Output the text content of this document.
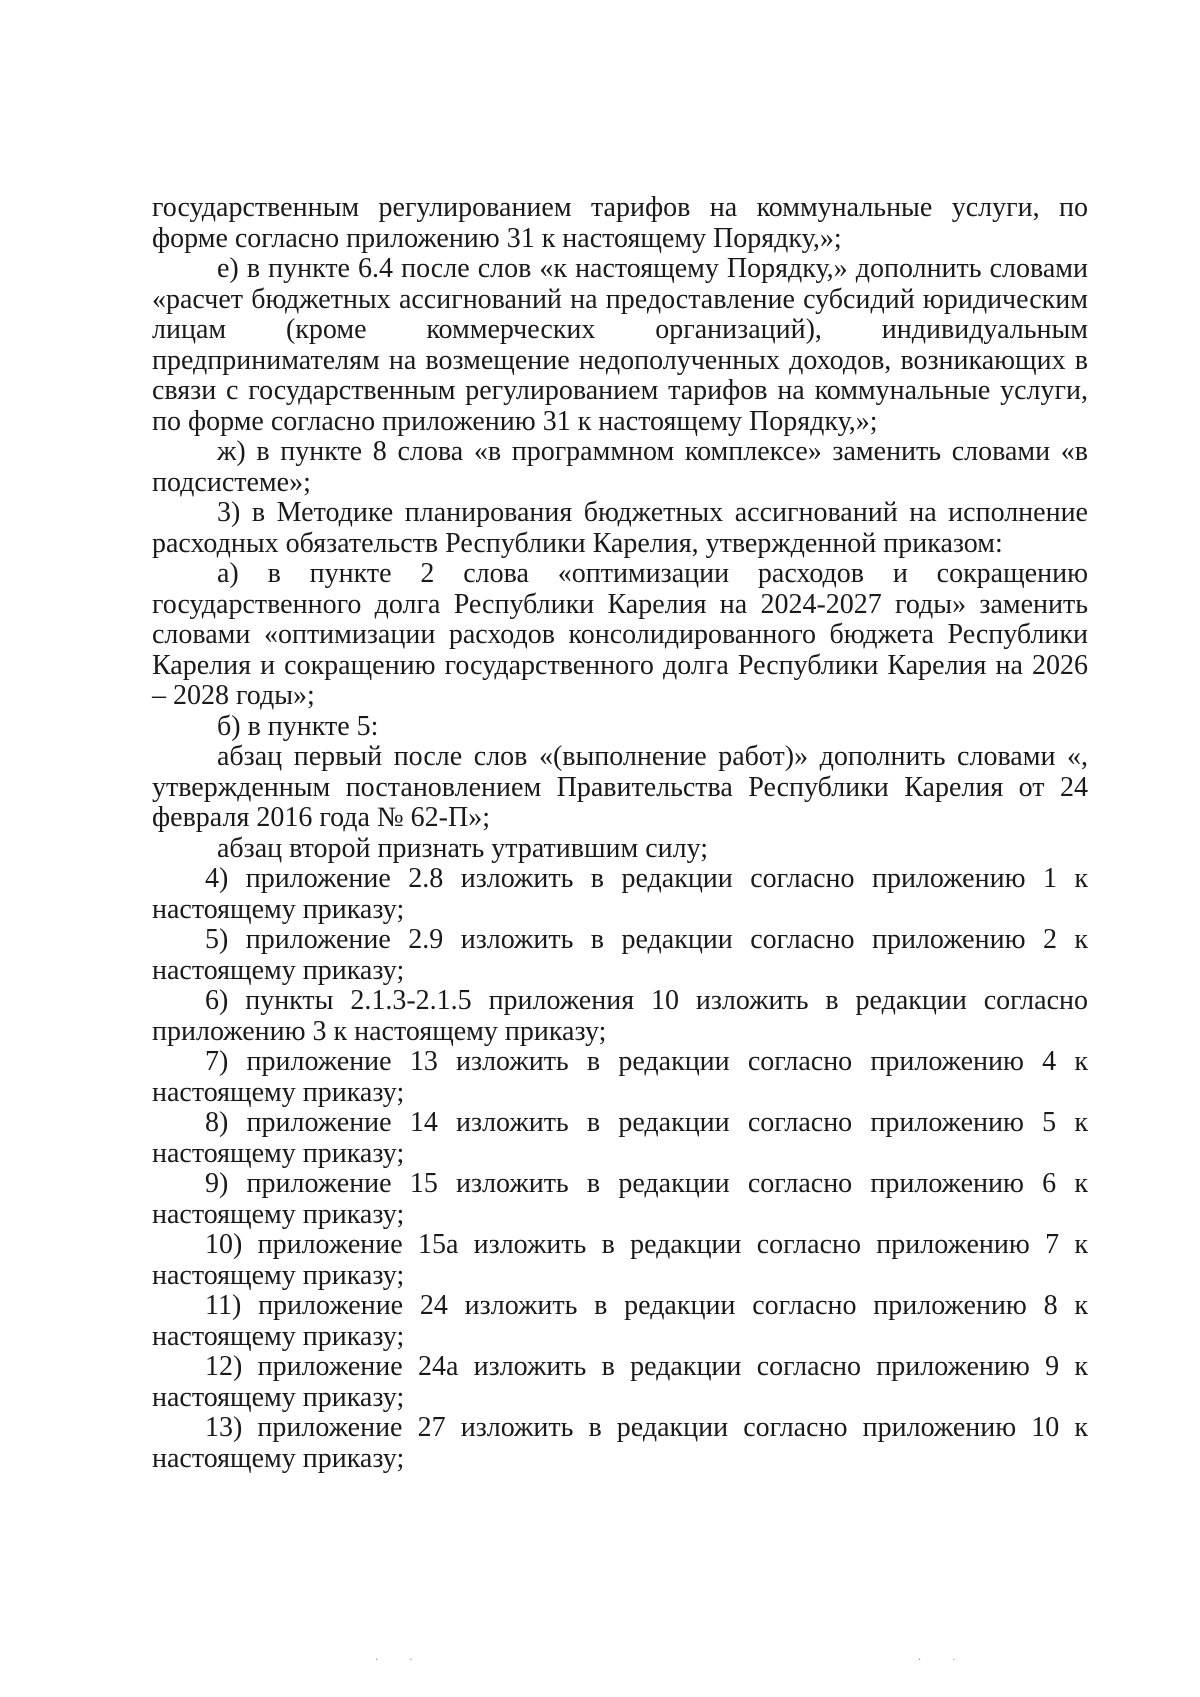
государственным регулированием тарифов на коммунальные услуги, по форме согласно приложению 31 к настоящему Порядку,»;

е) в пункте 6.4 после слов «к настоящему Порядку,» дополнить словами «расчет бюджетных ассигнований на предоставление субсидий юридическим лицам (кроме коммерческих организаций), индивидуальным предпринимателям на возмещение недополученных доходов, возникающих в связи с государственным регулированием тарифов на коммунальные услуги, по форме согласно приложению 31 к настоящему Порядку,»;

ж) в пункте 8 слова «в программном комплексе» заменить словами «в подсистеме»;

3) в Методике планирования бюджетных ассигнований на исполнение расходных обязательств Республики Карелия, утвержденной приказом:

а) в пункте 2 слова «оптимизации расходов и сокращению государственного долга Республики Карелия на 2024-2027 годы» заменить словами «оптимизации расходов консолидированного бюджета Республики Карелия и сокращению государственного долга Республики Карелия на 2026 – 2028 годы»;

б) в пункте 5:

абзац первый после слов «(выполнение работ)» дополнить словами «, утвержденным постановлением Правительства Республики Карелия от 24 февраля 2016 года № 62-П»;

абзац второй признать утратившим силу;

4) приложение 2.8 изложить в редакции согласно приложению 1 к настоящему приказу;

5) приложение 2.9 изложить в редакции согласно приложению 2 к настоящему приказу;

6) пункты 2.1.3-2.1.5 приложения 10 изложить в редакции согласно приложению 3 к настоящему приказу;

7) приложение 13 изложить в редакции согласно приложению 4 к настоящему приказу;

8) приложение 14 изложить в редакции согласно приложению 5 к настоящему приказу;

9) приложение 15 изложить в редакции согласно приложению 6 к настоящему приказу;

10) приложение 15а изложить в редакции согласно приложению 7 к настоящему приказу;

11) приложение 24 изложить в редакции согласно приложению 8 к настоящему приказу;

12) приложение 24а изложить в редакции согласно приложению 9 к настоящему приказу;

13) приложение 27 изложить в редакции согласно приложению 10 к настоящему приказу;

· ·	· ·
